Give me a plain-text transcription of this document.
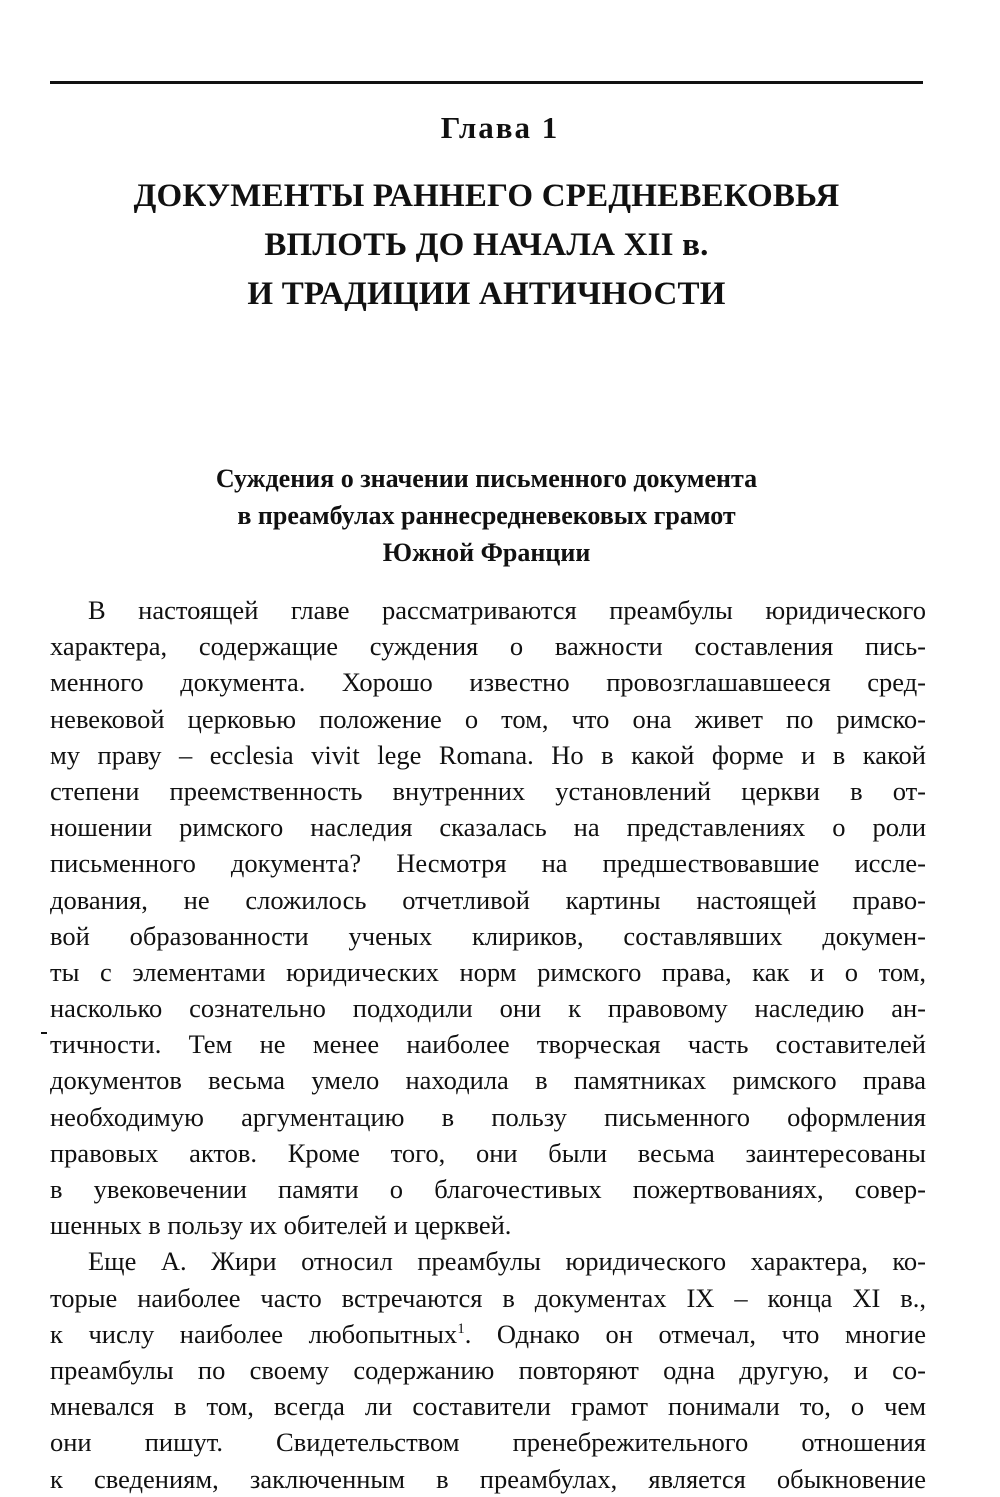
Глава 1
ДОКУМЕНТЫ РАННЕГО СРЕДНЕВЕКОВЬЯ
ВПЛОТЬ ДО НАЧАЛА XII в.
И ТРАДИЦИИ АНТИЧНОСТИ
Суждения о значении письменного документа
в преамбулах раннесредневековых грамот
Южной Франции
В настоящей главе рассматриваются преамбулы юридического
характера, содержащие суждения о важности составления пись-
менного документа. Хорошо известно провозглашавшееся сред-
невековой церковью положение о том, что она живет по римско-
му праву – ecclesia vivit lege Romana. Но в какой форме и в какой
степени преемственность внутренних установлений церкви в от-
ношении римского наследия сказалась на представлениях о роли
письменного документа? Несмотря на предшествовавшие иссле-
дования, не сложилось отчетливой картины настоящей право-
вой образованности ученых клириков, составлявших докумен-
ты с элементами юридических норм римского права, как и о том,
насколько сознательно подходили они к правовому наследию ан-
тичности. Тем не менее наиболее творческая часть составителей
документов весьма умело находила в памятниках римского права
необходимую аргументацию в пользу письменного оформления
правовых актов. Кроме того, они были весьма заинтересованы
в увековечении памяти о благочестивых пожертвованиях, совер-
шенных в пользу их обителей и церквей.
Еще А. Жири относил преамбулы юридического характера, ко-
торые наиболее часто встречаются в документах IX – конца XI в.,
к числу наиболее любопытных$^1$. Однако он отмечал, что многие
преамбулы по своему содержанию повторяют одна другую, и со-
мневался в том, всегда ли составители грамот понимали то, о чем
они пишут. Свидетельством пренебрежительного отношения
к сведениям, заключенным в преамбулах, является обыкновение
